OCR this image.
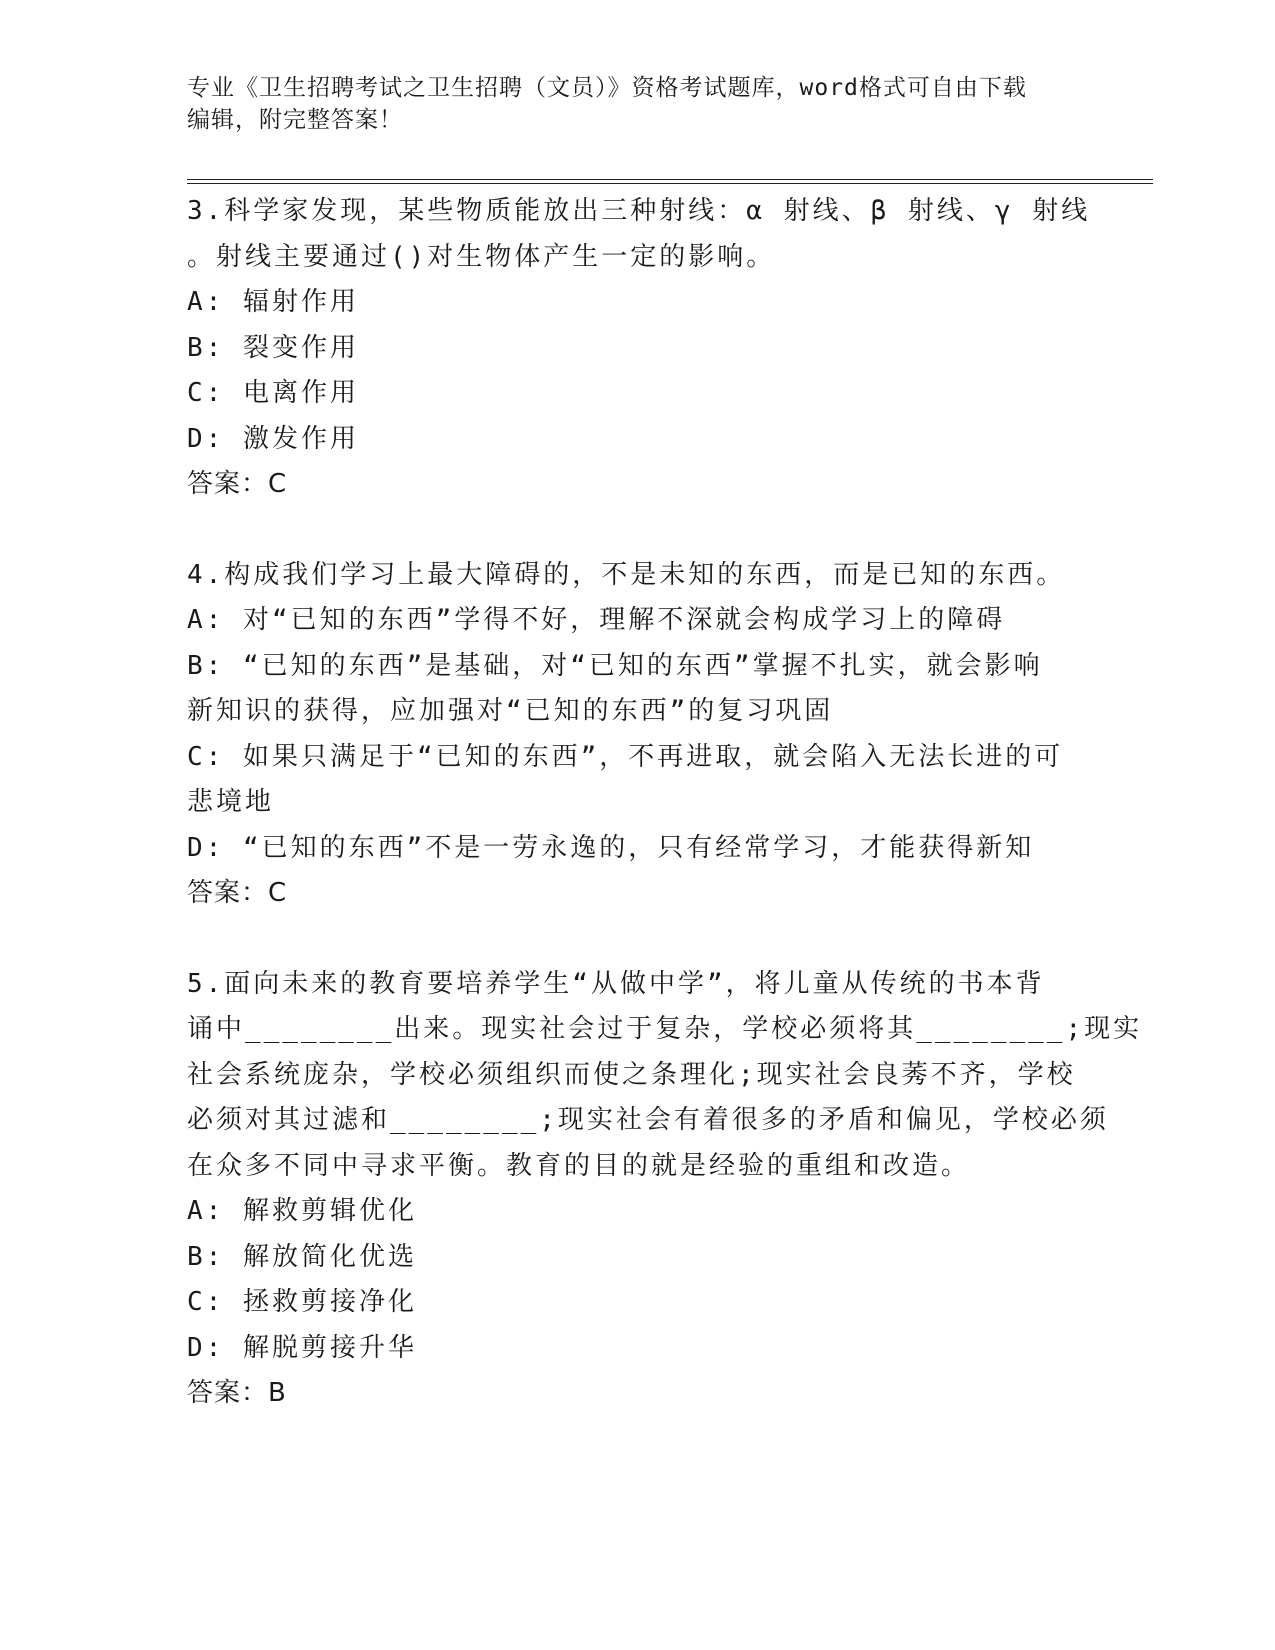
专业《卫生招聘考试之卫生招聘（文员）》资格考试题库，word格式可自由下载
编辑，附完整答案！
3.科学家发现，某些物质能放出三种射线：α 射线、β 射线、γ 射线
。射线主要通过()对生物体产生一定的影响。
A: 辐射作用
B: 裂变作用
C: 电离作用
D: 激发作用
答案：C
4.构成我们学习上最大障碍的，不是未知的东西，而是已知的东西。
A: 对“已知的东西”学得不好，理解不深就会构成学习上的障碍
B: “已知的东西”是基础，对“已知的东西”掌握不扎实，就会影响
新知识的获得，应加强对“已知的东西”的复习巩固
C: 如果只满足于“已知的东西”，不再进取，就会陷入无法长进的可
悲境地
D: “已知的东西”不是一劳永逸的，只有经常学习，才能获得新知
答案：C
5.面向未来的教育要培养学生“从做中学”，将儿童从传统的书本背
诵中________出来。现实社会过于复杂，学校必须将其________;现实
社会系统庞杂，学校必须组织而使之条理化;现实社会良莠不齐，学校
必须对其过滤和________;现实社会有着很多的矛盾和偏见，学校必须
在众多不同中寻求平衡。教育的目的就是经验的重组和改造。
A: 解救剪辑优化
B: 解放简化优选
C: 拯救剪接净化
D: 解脱剪接升华
答案：B
